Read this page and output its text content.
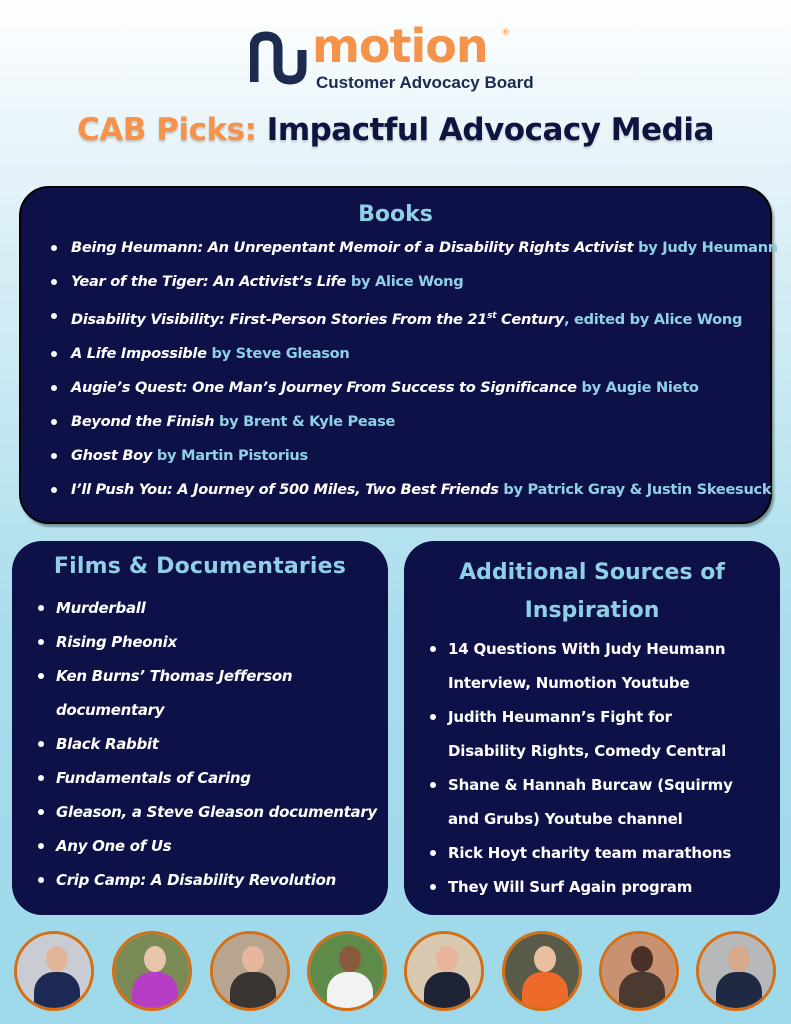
motion ®
Customer Advocacy Board
CAB Picks: Impactful Advocacy Media
Books
Being Heumann: An Unrepentant Memoir of a Disability Rights Activist by Judy Heumann
Year of the Tiger: An Activist’s Life by Alice Wong
Disability Visibility: First-Person Stories From the 21st Century, edited by Alice Wong
A Life Impossible by Steve Gleason
Augie’s Quest: One Man’s Journey From Success to Significance by Augie Nieto
Beyond the Finish by Brent & Kyle Pease
Ghost Boy by Martin Pistorius
I’ll Push You: A Journey of 500 Miles, Two Best Friends by Patrick Gray & Justin Skeesuck
Films & Documentaries
Murderball
Rising Pheonix
Ken Burns’ Thomas Jefferson
documentary
Black Rabbit
Fundamentals of Caring
Gleason, a Steve Gleason documentary
Any One of Us
Crip Camp: A Disability Revolution
Additional Sources of
Inspiration
14 Questions With Judy Heumann
Interview, Numotion Youtube
Judith Heumann’s Fight for
Disability Rights, Comedy Central
Shane & Hannah Burcaw (Squirmy
and Grubs) Youtube channel
Rick Hoyt charity team marathons
They Will Surf Again program
